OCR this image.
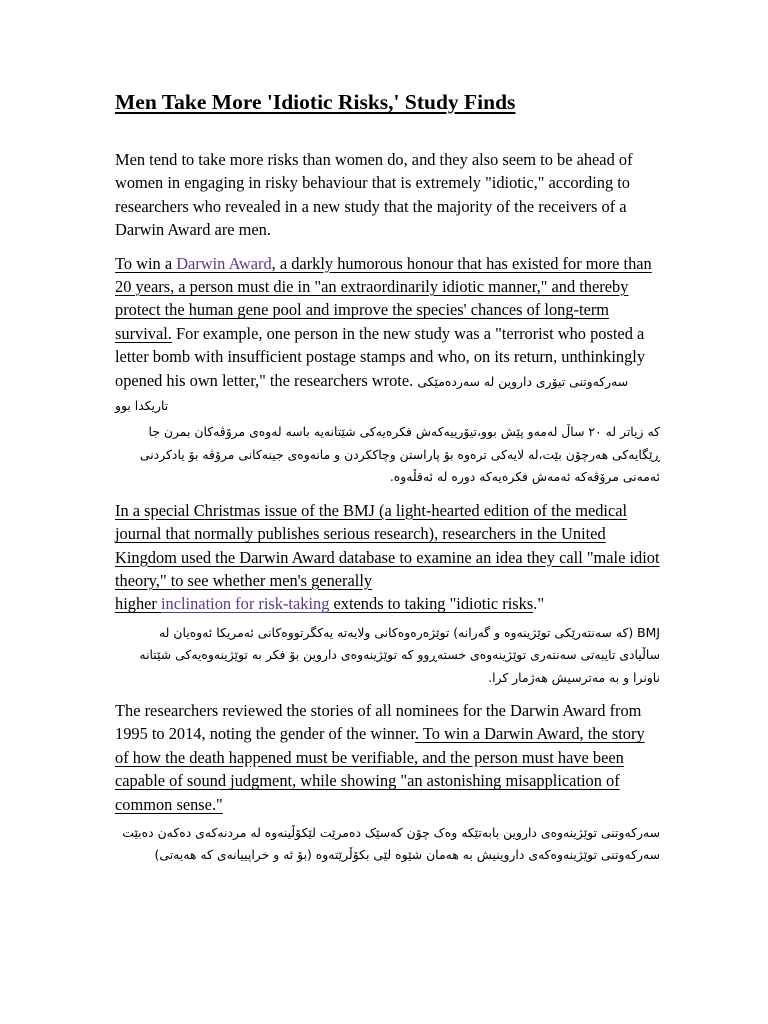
Men Take More 'Idiotic Risks,' Study Finds

Men tend to take more risks than women do, and they also seem to be ahead of women in engaging in risky behaviour that is extremely "idiotic," according to researchers who revealed in a new study that the majority of the receivers of a Darwin Award are men.

To win a Darwin Award, a darkly humorous honour that has existed for more than 20 years, a person must die in "an extraordinarily idiotic manner," and thereby protect the human gene pool and improve the species' chances of long-term survival. For example, one person in the new study was a "terrorist who posted a letter bomb with insufficient postage stamps and who, on its return, unthinkingly opened his own letter," the researchers wrote. سەرکەوتنی تیۆری داروین لە سەردەمێکی تاریکدا بوو

کە زیاتر لە ٢٠ ساڵ لەمەو پێش بوو،تیۆرییەکەش فکرەیەکی شێتانەیە باسە لەوەی مرۆڤەکان بمرن جا ڕێگایەکی هەرچۆن بێت،لە لایەکی ترەوە بۆ پاراستن وچاککردن و مانەوەی جینەکانی مرۆڤە بۆ یادکردنی ئەمەنی مرۆڤەکە ئەمەش فکرەیەکە دورە لە ئەقڵەوە.

In a special Christmas issue of the BMJ (a light-hearted edition of the medical journal that normally publishes serious research), researchers in the United Kingdom used the Darwin Award database to examine an idea they call "male idiot theory," to see whether men's generally
higher inclination for risk-taking extends to taking "idiotic risks."

BMJ (کە سەنتەرێکی توێژینەوە و گەرانە) توێژەرەوەکانی ولایەتە یەکگرتووەکانی ئەمریکا ئەوەیان لە ساڵیادی تایبەتی سەنتەری توێژینەوەی خستەڕوو کە توێژینەوەی داروین بۆ فکر بە توێژینەوەیەکی شێتانە ناونرا و بە مەترسیش هەژمار کرا.

The researchers reviewed the stories of all nominees for the Darwin Award from 1995 to 2014, noting the gender of the winner. To win a Darwin Award, the story of how the death happened must be verifiable, and the person must have been capable of sound judgment, while showing "an astonishing misapplication of common sense."

سەرکەوتنی توێژینەوەی داروین بابەتێکە وەک چۆن کەسێک دەمرێت لێکۆڵینەوە لە مردنەکەی دەکەن دەبێت سەرکەوتنی توێژینەوەکەی داروینیش بە هەمان شێوە لێی بکۆڵرێتەوە (بۆ ئە و خراپییانەی کە هەیەتی)
